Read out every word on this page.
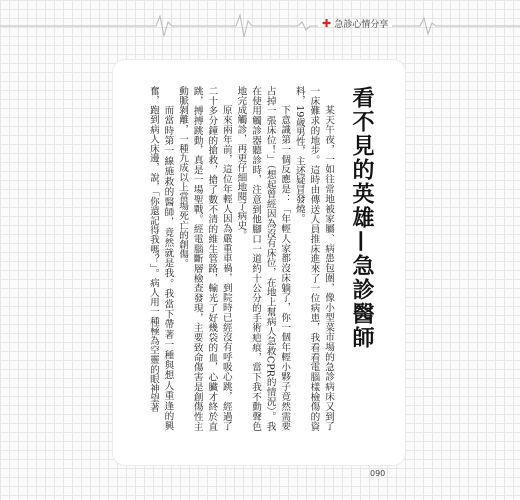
✚ 急診心情分享
看不見的英雄—急診醫師

某天午夜，一如往常地被家屬、病患包圍，像小型菜市場的急診病床又到了一床難求的地步。這時由傳送人員推床進來了一位病患，我看看電腦樣檢傷的資料，19歲男性，主述疑冒發燒。

下意識第一個反應是：「年輕人家都沒床躺了，你一個年輕小夥子竟然需要占掉一張床位！」（想起曾經因為沒有床位，在地上幫病人急救CPR的情況）。我在使用觸診器聽診時，注意到他腳口一道約十公分的手術疤痕，當下我不動聲色地完成觸診，再更仔細地閱了病史。

原來兩年前，這位年輕人因為嚴重車禍，到院時已經沒有呼吸心跳，經過了二十多分鐘的搶救，搶了數不清的維生管路，輸光了好幾袋的血，心臟才終於直跳，搏搏跳動，真是一場聖戰。經電腦斷層檢查發現，主要致命傷害是創傷性主動脈剝離，一種九成以上當場死亡的創傷。

而當時第一線施救的醫師，竟然就是我。我當下帶著一種與想人重逢的興奮，跑到病人床邊，說，「你還記得我嗎？」。病人用一種極為空靈的眼神望著

090
